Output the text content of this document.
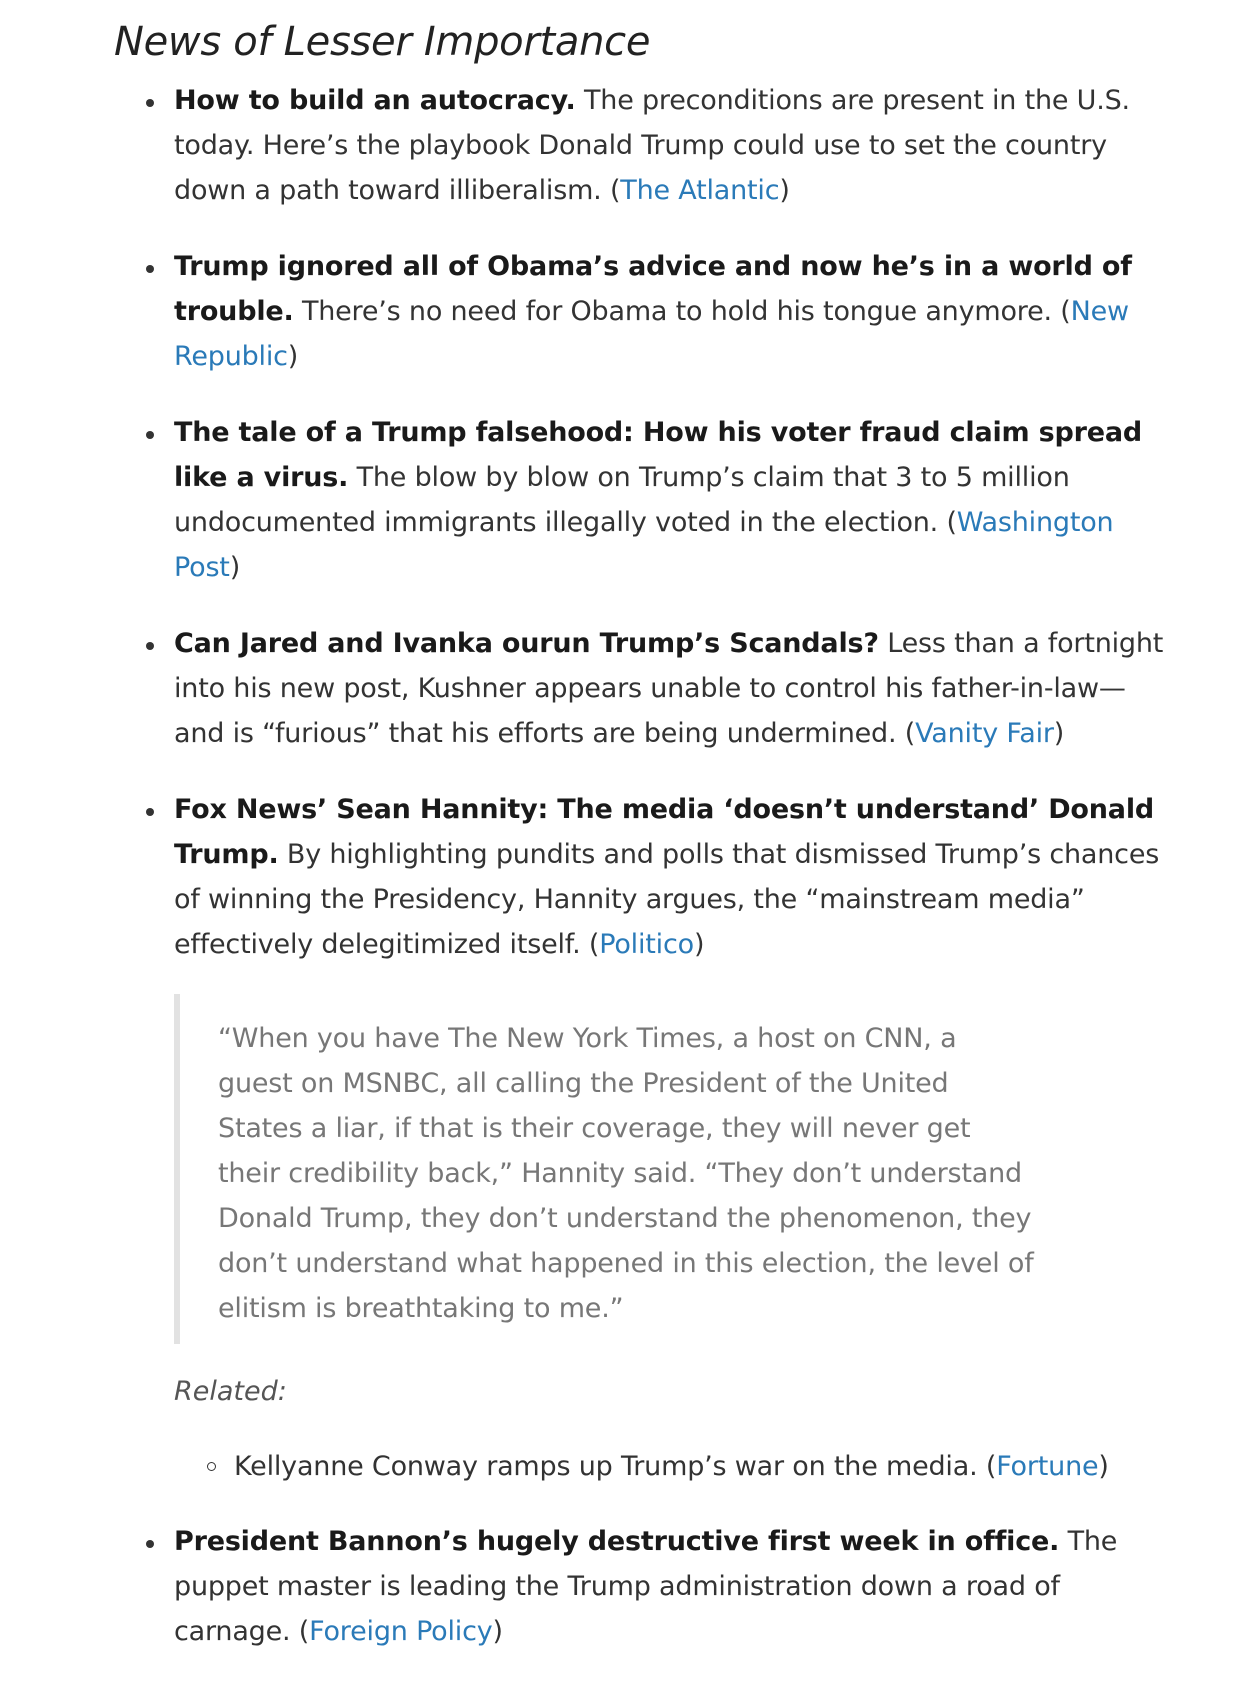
News of Lesser Importance

How to build an autocracy. The preconditions are present in the U.S. today. Here’s the playbook Donald Trump could use to set the country down a path toward illiberalism. (The Atlantic)

Trump ignored all of Obama’s advice and now he’s in a world of trouble. There’s no need for Obama to hold his tongue anymore. (New Republic)

The tale of a Trump falsehood: How his voter fraud claim spread like a virus. The blow by blow on Trump’s claim that 3 to 5 million undocumented immigrants illegally voted in the election. (Washington Post)

Can Jared and Ivanka ourun Trump’s Scandals? Less than a fortnight into his new post, Kushner appears unable to control his father-in-law—and is “furious” that his efforts are being undermined. (Vanity Fair)

Fox News’ Sean Hannity: The media ‘doesn’t understand’ Donald Trump. By highlighting pundits and polls that dismissed Trump’s chances of winning the Presidency, Hannity argues, the “mainstream media” effectively delegitimized itself. (Politico)

President Bannon’s hugely destructive first week in office. The puppet master is leading the Trump administration down a road of carnage. (Foreign Policy)

“When you have The New York Times, a host on CNN, a guest on MSNBC, all calling the President of the United States a liar, if that is their coverage, they will never get their credibility back,” Hannity said. “They don’t understand Donald Trump, they don’t understand the phenomenon, they don’t understand what happened in this election, the level of elitism is breathtaking to me.”

Related:

Kellyanne Conway ramps up Trump’s war on the media. (Fortune)
